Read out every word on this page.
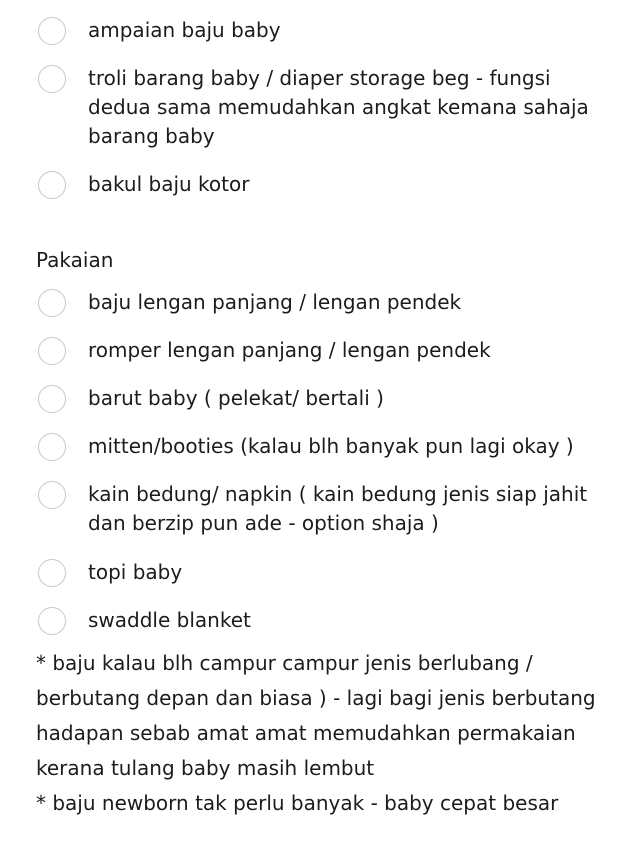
ampaian baju baby
troli barang baby / diaper storage beg - fungsi
dedua sama memudahkan angkat kemana sahaja
barang baby
bakul baju kotor
Pakaian
baju lengan panjang / lengan pendek
romper lengan panjang / lengan pendek
barut baby ( pelekat/ bertali )
mitten/booties (kalau blh banyak pun lagi okay )
kain bedung/ napkin ( kain bedung jenis siap jahit
dan berzip pun ade - option shaja )
topi baby
swaddle blanket
* baju kalau blh campur campur jenis berlubang /
berbutang depan dan biasa ) - lagi bagi jenis berbutang
hadapan sebab amat amat memudahkan permakaian
kerana tulang baby masih lembut
* baju newborn tak perlu banyak - baby cepat besar
